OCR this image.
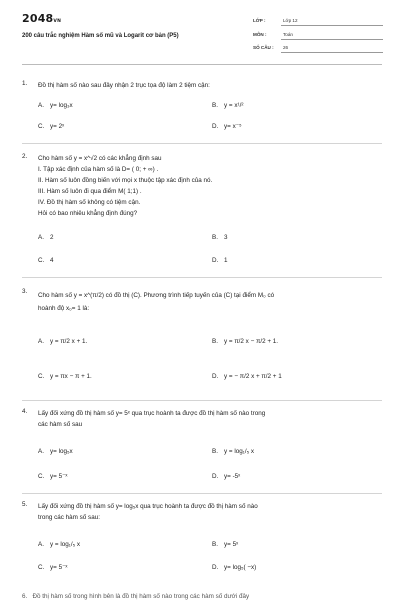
2048VN
200 câu trắc nghiệm Hàm số mũ và Logarit cơ bản (P5)
LỚP :	Lớp 12
MÔN :	Toán
SỐ CÂU : 26
1. Đồ thị hàm số nào sau đây nhận 2 trục tọa độ làm 2 tiệm cận:
A. y= log₃x	B. y = x¹/²
C. y= 2ˣ	D. y= x⁻⁵
2. Cho hàm số y = x^√2 có các khẳng định sau
I. Tập xác định của hàm số là D= ( 0; + ∞) .
II. Hàm số luôn đồng biến với mọi x thuộc tập xác định của nó.
III. Hàm số luôn đi qua điểm M( 1;1) .
IV. Đồ thị hàm số không có tiệm cận.
Hỏi có bao nhiêu khẳng định đúng?
A. 2	B. 3
C. 4	D. 1
3.
Cho hàm số y = x^(π/2) có đồ thị (C). Phương trình tiếp tuyến của (C) tại điểm M₀ có
hoành độ x₀= 1 là:
A. y = π/2 x + 1.	B. y = π/2 x − π/2 + 1.
C. y = πx − π + 1.	D. y = − π/2 x + π/2 + 1
4. Lấy đối xứng đồ thị hàm số y= 5ˣ qua trục hoành ta được đồ thị hàm số nào trong
các hàm số sau
A. y= log₅x	B. y = log₁/₅ x
C. y= 5⁻ˣ	D. y= -5ˣ
5. Lấy đối xứng đồ thị hàm số y= log₅x qua trục hoành ta được đồ thị hàm số nào
trong các hàm số sau:
A. y = log₁/₅ x	B. y= 5ˣ
C. y= 5⁻ˣ	D. y= log₅( −x)
6.   Đồ thị hàm số trong hình bên là đồ thị hàm số nào trong các hàm số dưới đây
